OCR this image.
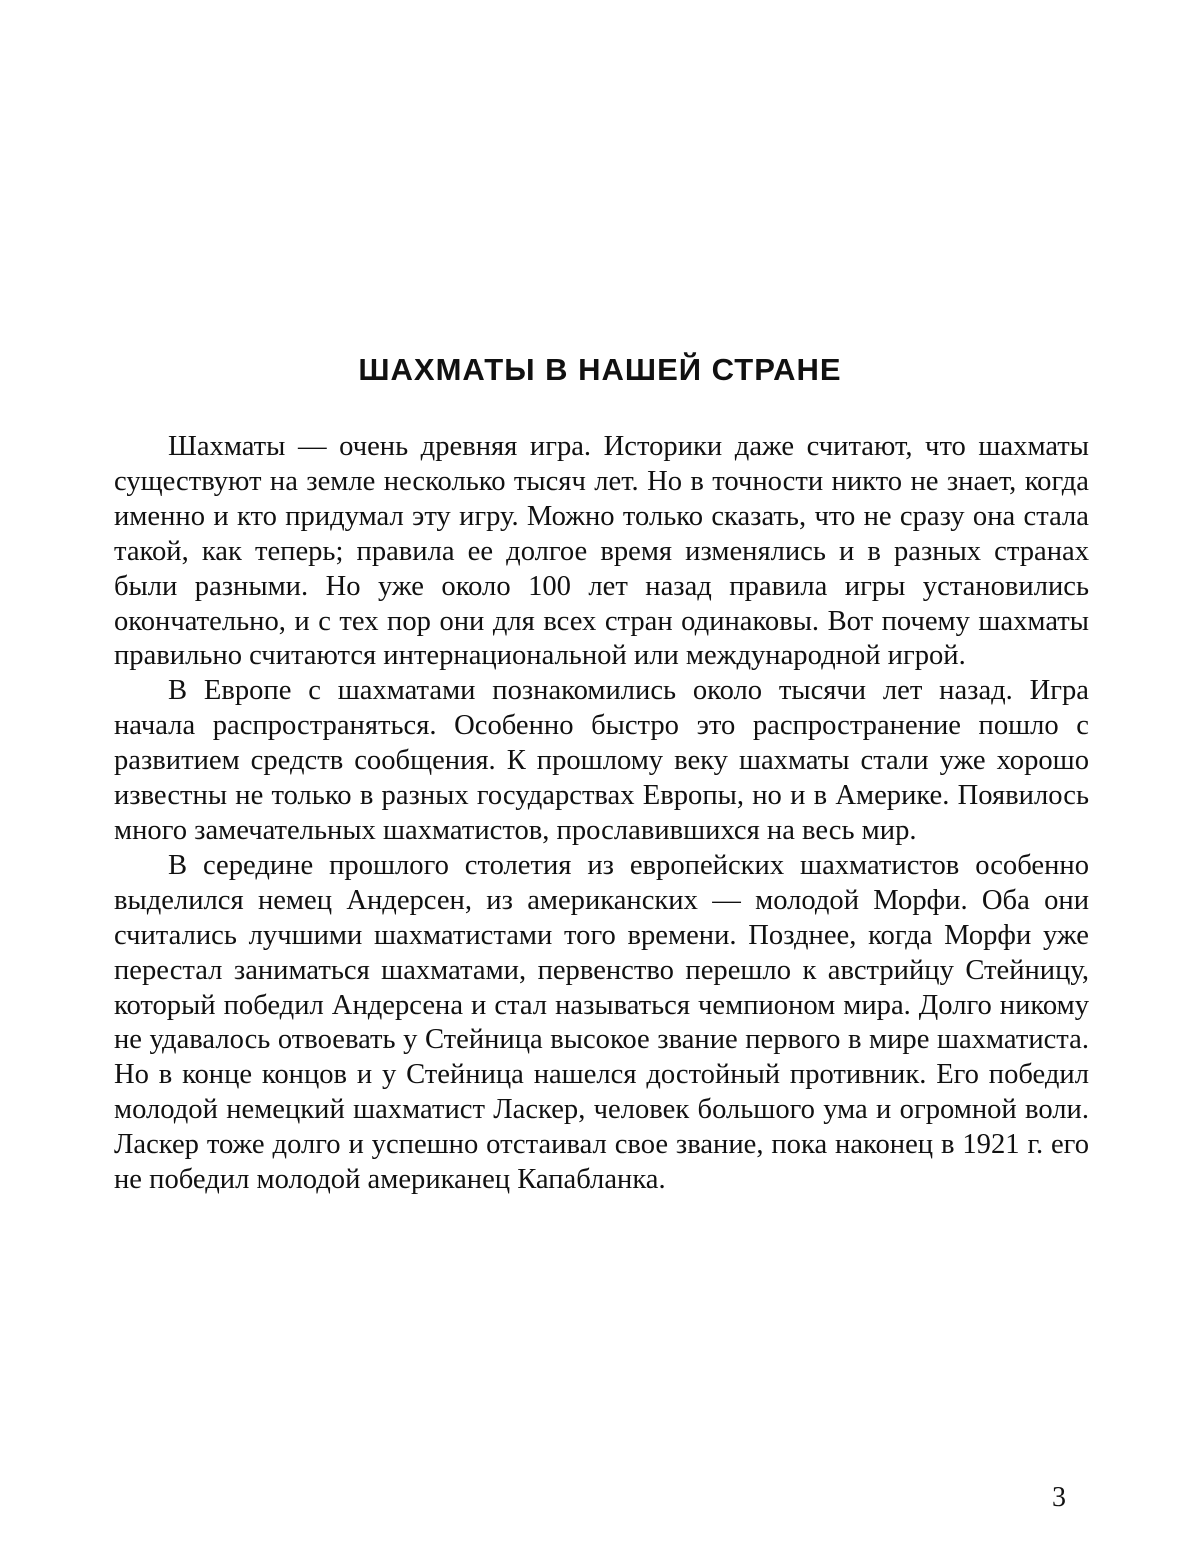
ШАХМАТЫ В НАШЕЙ СТРАНЕ

Шахматы — очень древняя игра. Историки даже считают, что шахматы существуют на земле несколько тысяч лет. Но в точности никто не знает, когда именно и кто придумал эту игру. Можно только сказать, что не сразу она стала такой, как теперь; правила ее долгое время изменялись и в разных странах были разными. Но уже около 100 лет назад правила игры установились окончательно, и с тех пор они для всех стран одинаковы. Вот почему шахматы правильно считаются интернациональной или международной игрой.

В Европе с шахматами познакомились около тысячи лет назад. Игра начала распространяться. Особенно быстро это распространение пошло с развитием средств сообщения. К прошлому веку шахматы стали уже хорошо известны не только в разных государствах Европы, но и в Америке. Появилось много замечательных шахматистов, прославившихся на весь мир.

В середине прошлого столетия из европейских шахматистов особенно выделился немец Андерсен, из американских — молодой Морфи. Оба они считались лучшими шахматистами того времени. Позднее, когда Морфи уже перестал заниматься шахматами, первенство перешло к австрийцу Стейницу, который победил Андерсена и стал называться чемпионом мира. Долго никому не удавалось отвоевать у Стейница высокое звание первого в мире шахматиста. Но в конце концов и у Стейница нашелся достойный противник. Его победил молодой немецкий шахматист Ласкер, человек большого ума и огромной воли. Ласкер тоже долго и успешно отстаивал свое звание, пока наконец в 1921 г. его не победил молодой американец Капабланка.

3
